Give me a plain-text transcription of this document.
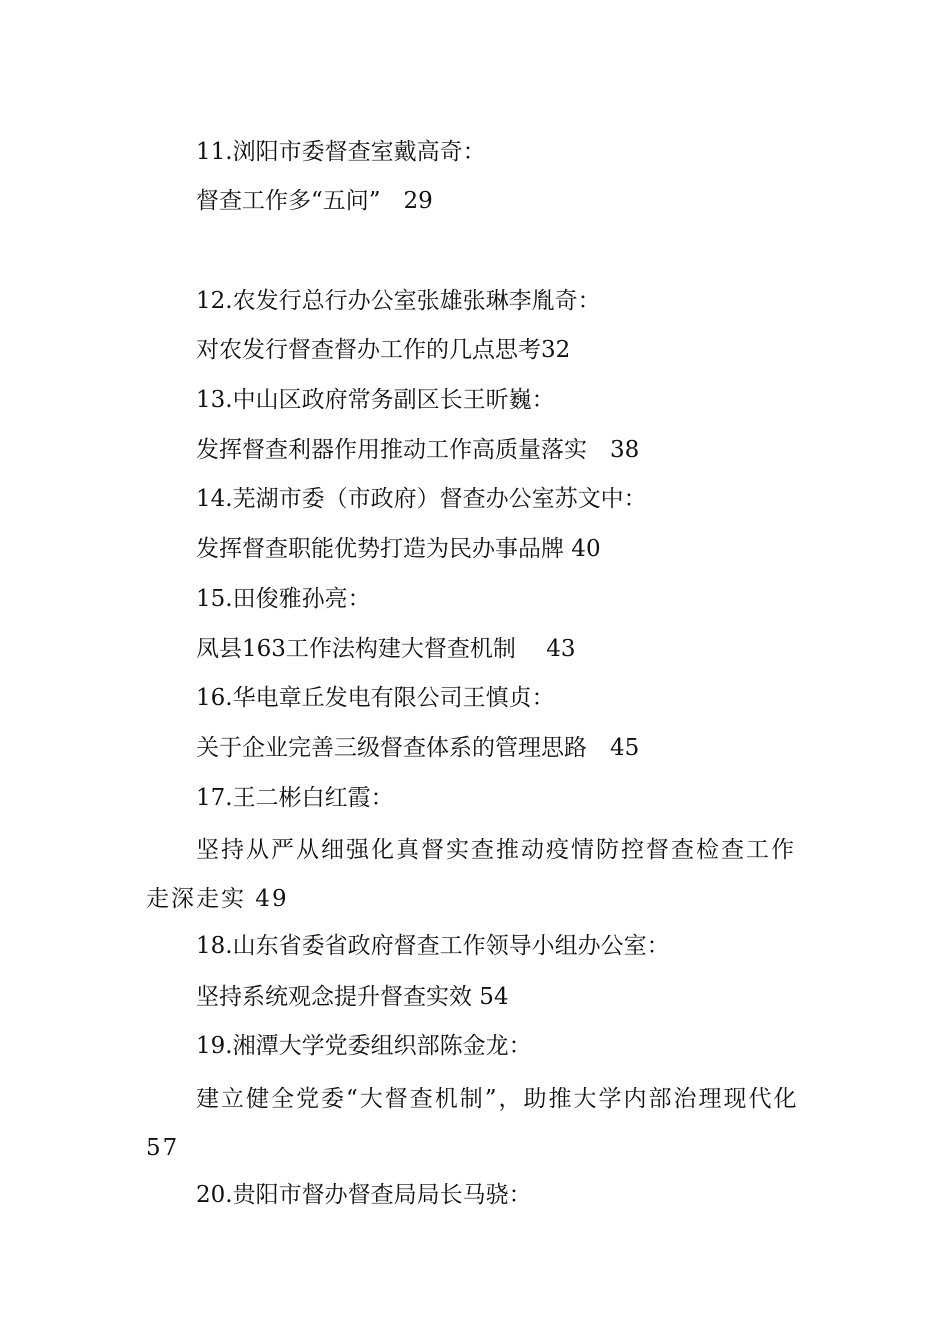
11.浏阳市委督查室戴高奇：
督查工作多“五问”　29
12.农发行总行办公室张雄张琳李胤奇：
对农发行督查督办工作的几点思考32
13.中山区政府常务副区长王昕巍：
发挥督查利器作用推动工作高质量落实　38
14.芜湖市委（市政府）督查办公室苏文中：
发挥督查职能优势打造为民办事品牌 40
15.田俊雅孙亮：
凤县163工作法构建大督查机制　 43
16.华电章丘发电有限公司王慎贞：
关于企业完善三级督查体系的管理思路　45
17.王二彬白红霞：
坚持从严从细强化真督实查推动疫情防控督查检查工作走深走实 49
18.山东省委省政府督查工作领导小组办公室：
坚持系统观念提升督查实效 54
19.湘潭大学党委组织部陈金龙：
建立健全党委“大督查机制”，助推大学内部治理现代化　57
20.贵阳市督办督查局局长马骁：
